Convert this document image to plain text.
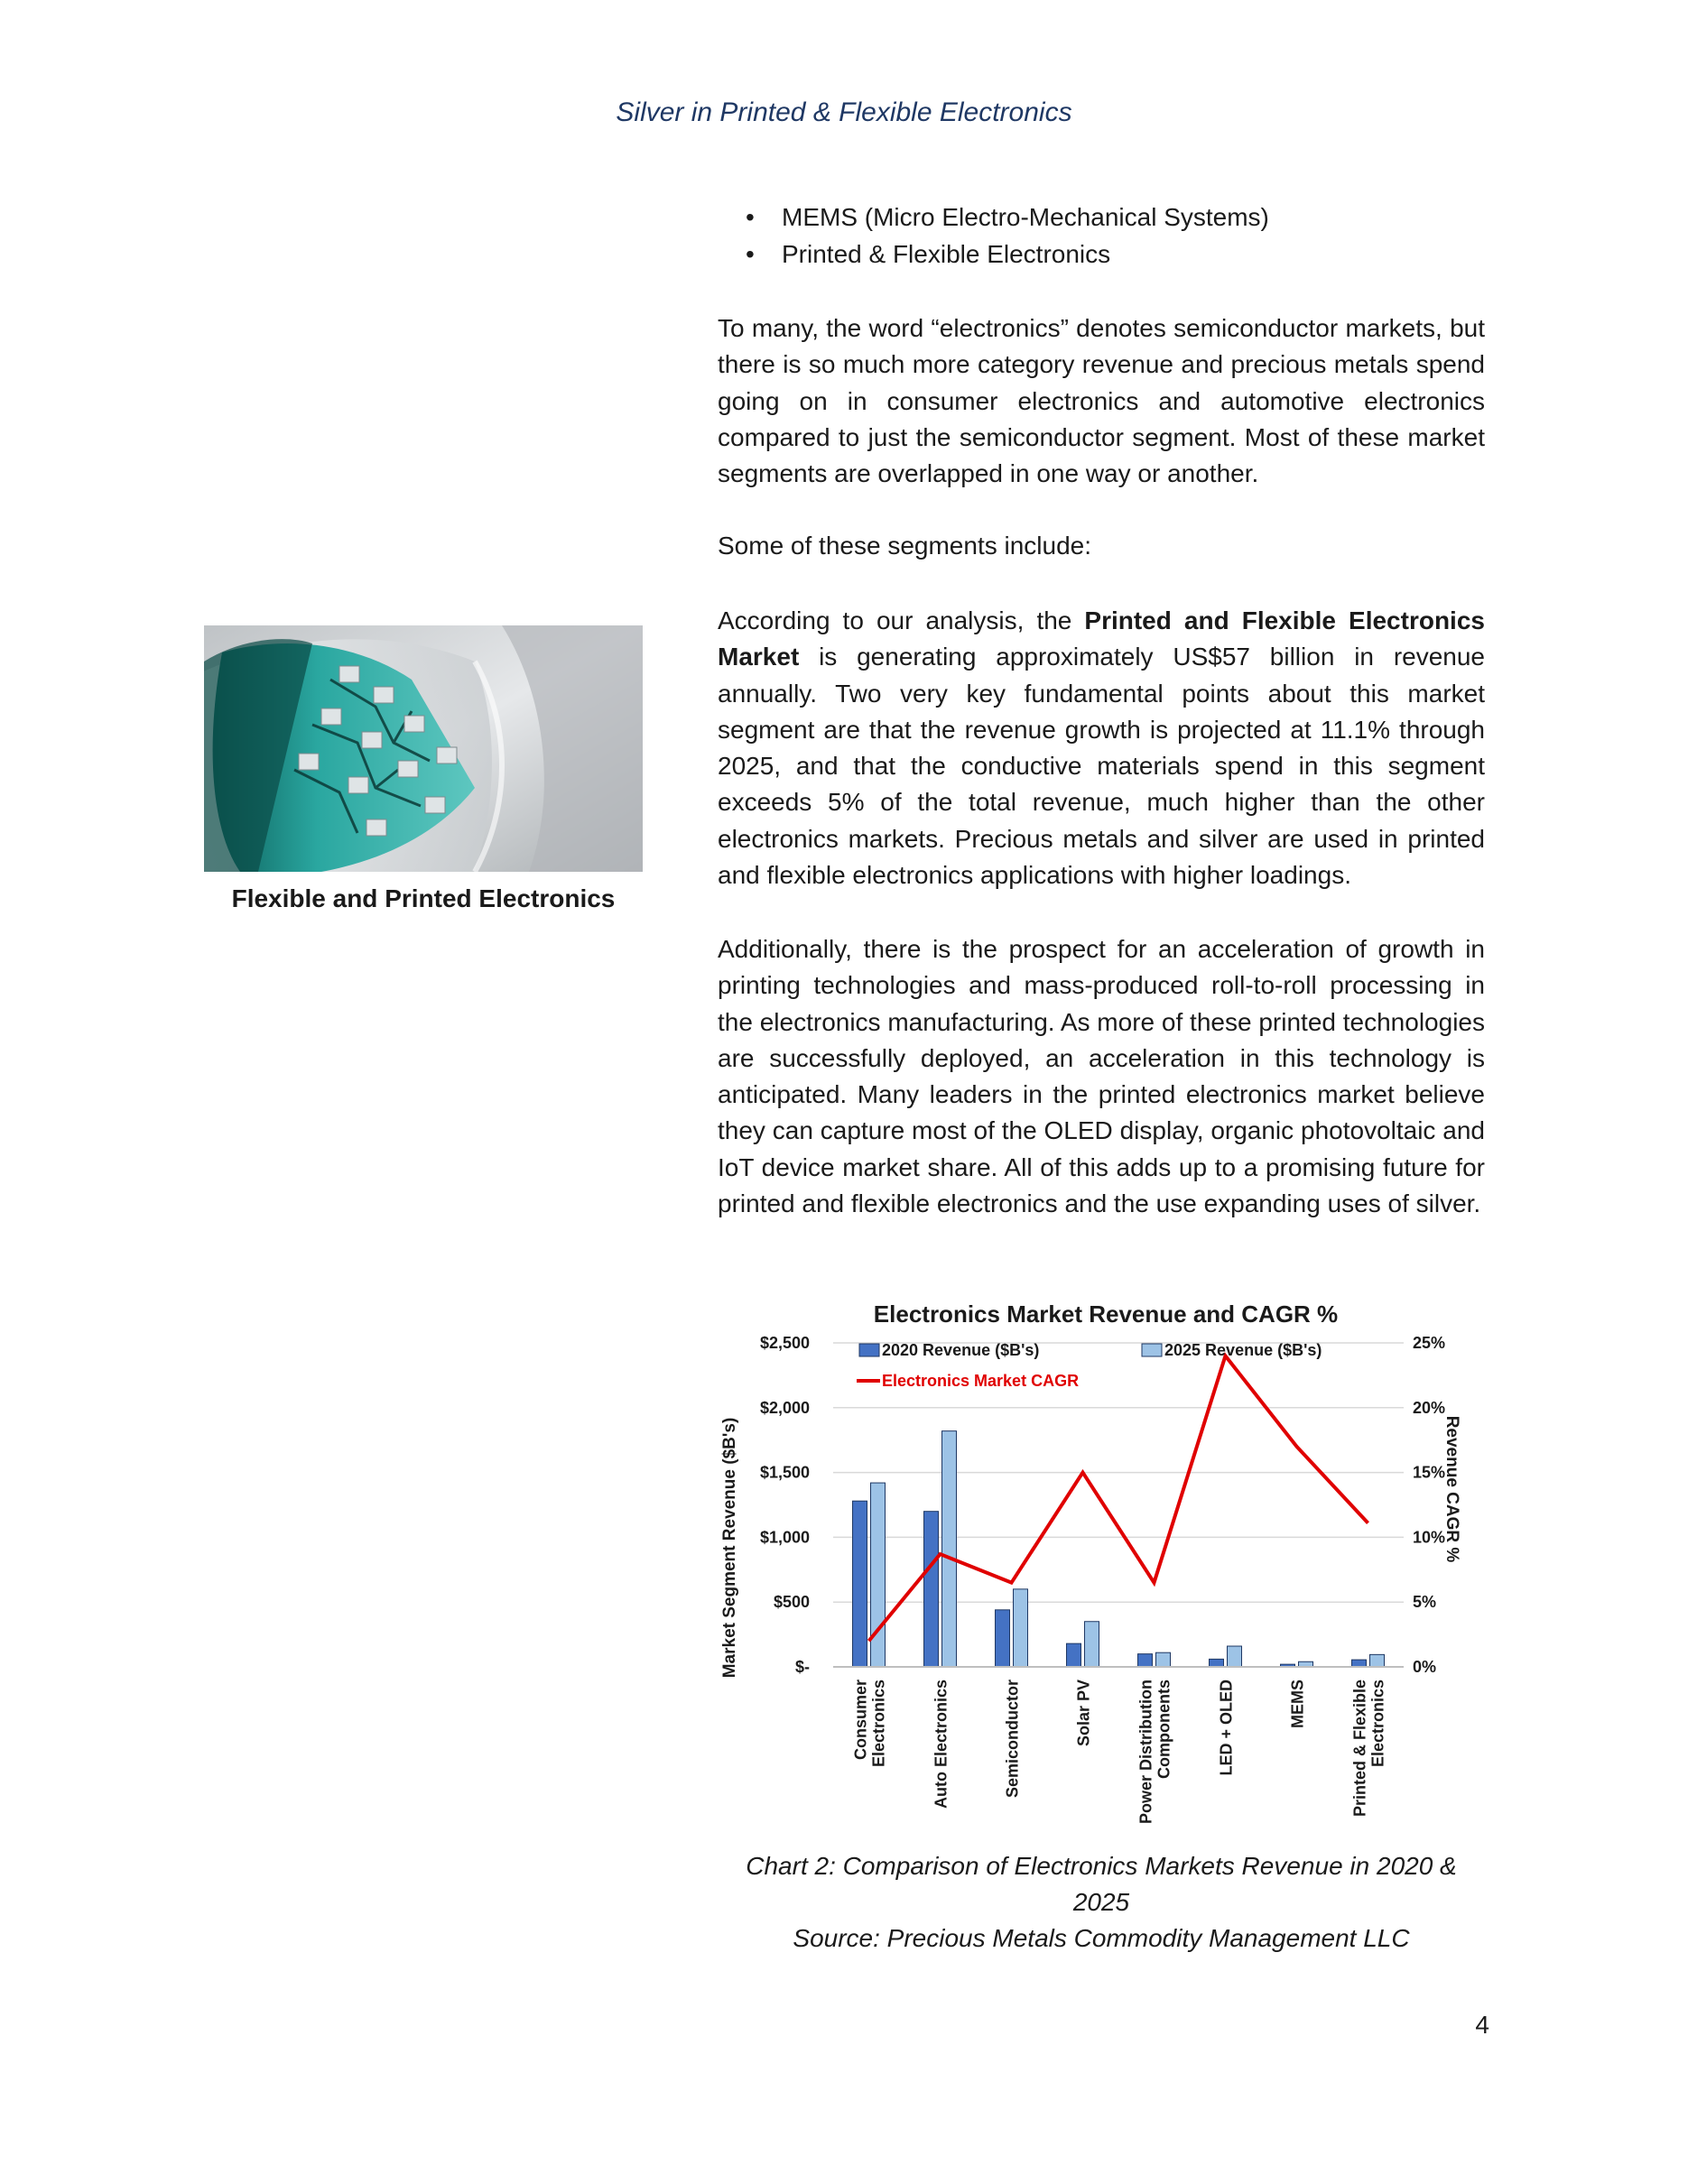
Silver in Printed & Flexible Electronics
• MEMS (Micro Electro-Mechanical Systems)
• Printed & Flexible Electronics

To many, the word “electronics” denotes semiconductor markets, but there is so much more category revenue and precious metals spend going on in consumer electronics and automotive electronics compared to just the semiconductor segment. Most of these market segments are overlapped in one way or another.

Some of these segments include:

According to our analysis, the Printed and Flexible Electronics Market is generating approximately US$57 billion in revenue annually. Two very key fundamental points about this market segment are that the revenue growth is projected at 11.1% through 2025, and that the conductive materials spend in this segment exceeds 5% of the total revenue, much higher than the other electronics markets. Precious metals and silver are used in printed and flexible electronics applications with higher loadings.

Additionally, there is the prospect for an acceleration of growth in printing technologies and mass-produced roll-to-roll processing in the electronics manufacturing. As more of these printed technologies are successfully deployed, an acceleration in this technology is anticipated. Many leaders in the printed electronics market believe they can capture most of the OLED display, organic photovoltaic and IoT device market share. All of this adds up to a promising future for printed and flexible electronics and the use expanding uses of silver.

Flexible and Printed Electronics
$-
$500
$1,000
$1,500
$2,000
$2,500
0%
5%
10%
15%
20%
25%
Consumer Electronics	Auto Electronics	Semiconductor	Solar PV	Power Distribution Components	LED + OLED	MEMS	Printed & Flexible Electronics
Electronics Market Revenue and CAGR %
2020 Revenue ($B's)	2025 Revenue ($B's)
Electronics Market CAGR
Market Segment Revenue ($B's)	Revenue CAGR %
Chart 2: Comparison of Electronics Markets Revenue in 2020 & 2025
Source: Precious Metals Commodity Management LLC
4
